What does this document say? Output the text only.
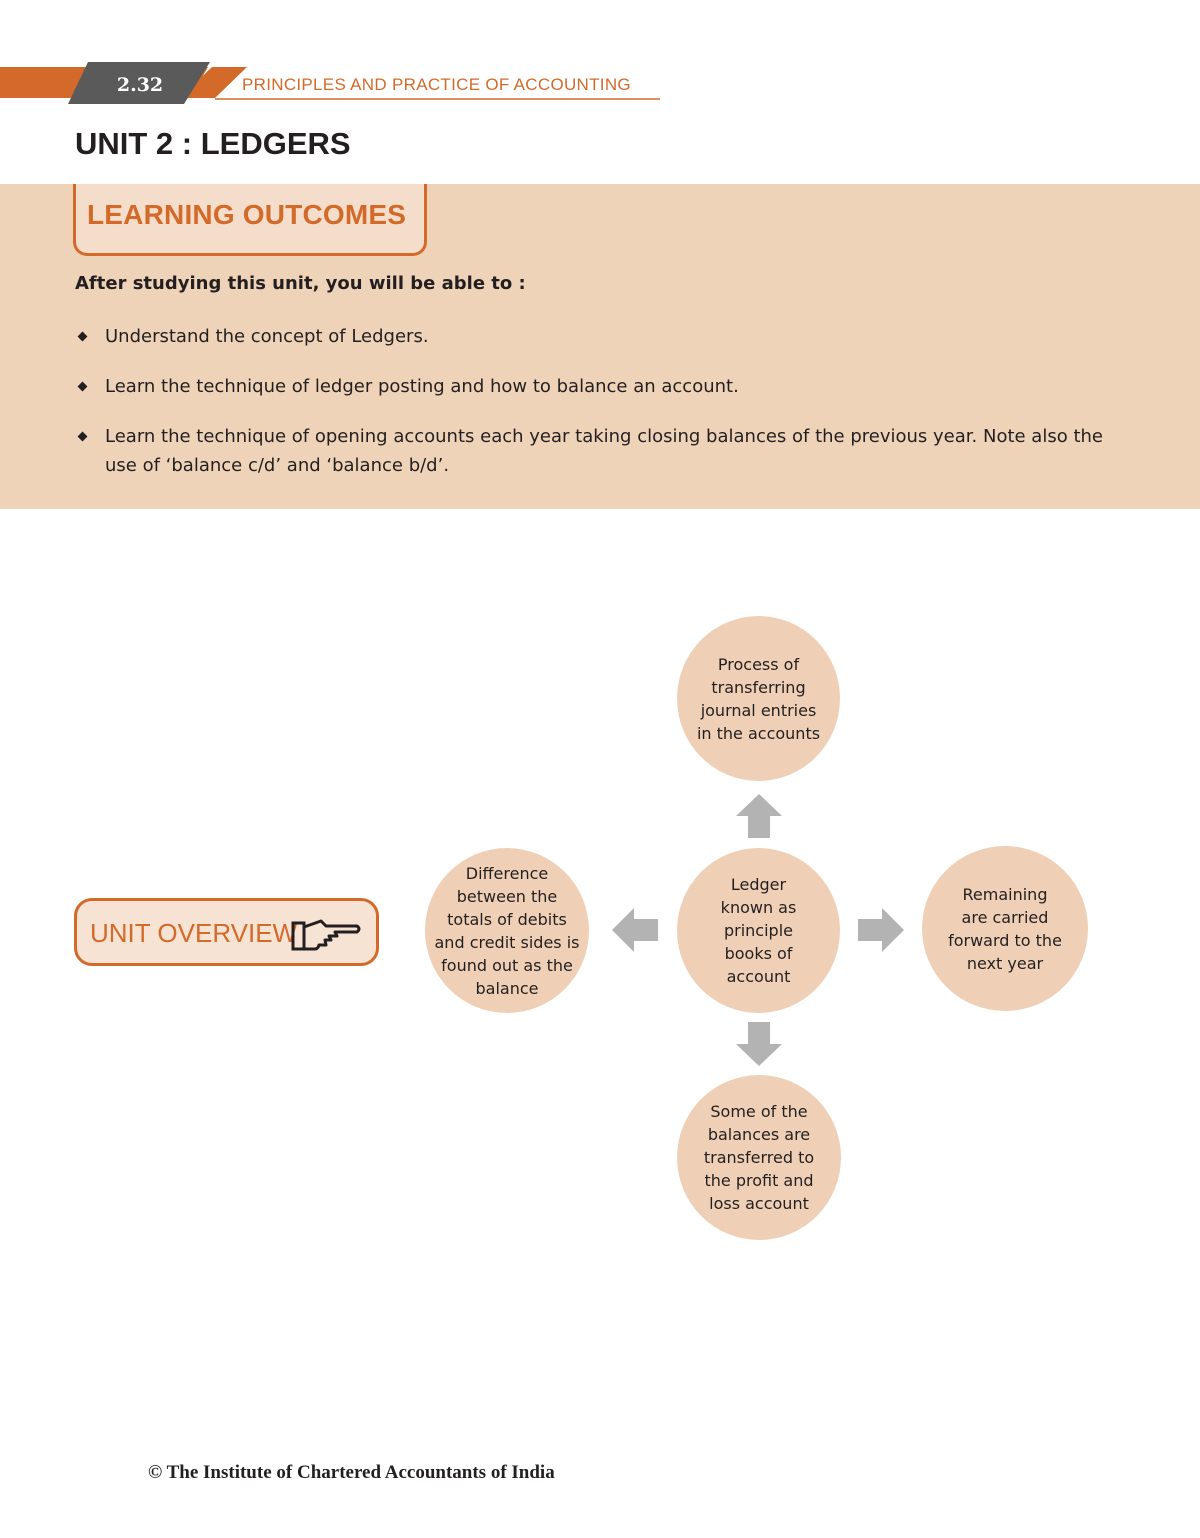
2.32	PRINCIPLES AND PRACTICE OF ACCOUNTING
UNIT 2 : LEDGERS
LEARNING OUTCOMES

After studying this unit, you will be able to :

Understand the concept of Ledgers.
Learn the technique of ledger posting and how to balance an account.
Learn the technique of opening accounts each year taking closing balances of the previous year. Note also the use of ‘balance c/d’ and ‘balance b/d’.
UNIT OVERVIEW
Process of
transferring
journal entries
in the accounts
Ledger
known as
principle
books of
account
Difference
between the
totals of debits
and credit sides is
found out as the
balance
Remaining
are carried
forward to the
next year
Some of the
balances are
transferred to
the profit and
loss account

© The Institute of Chartered Accountants of India
